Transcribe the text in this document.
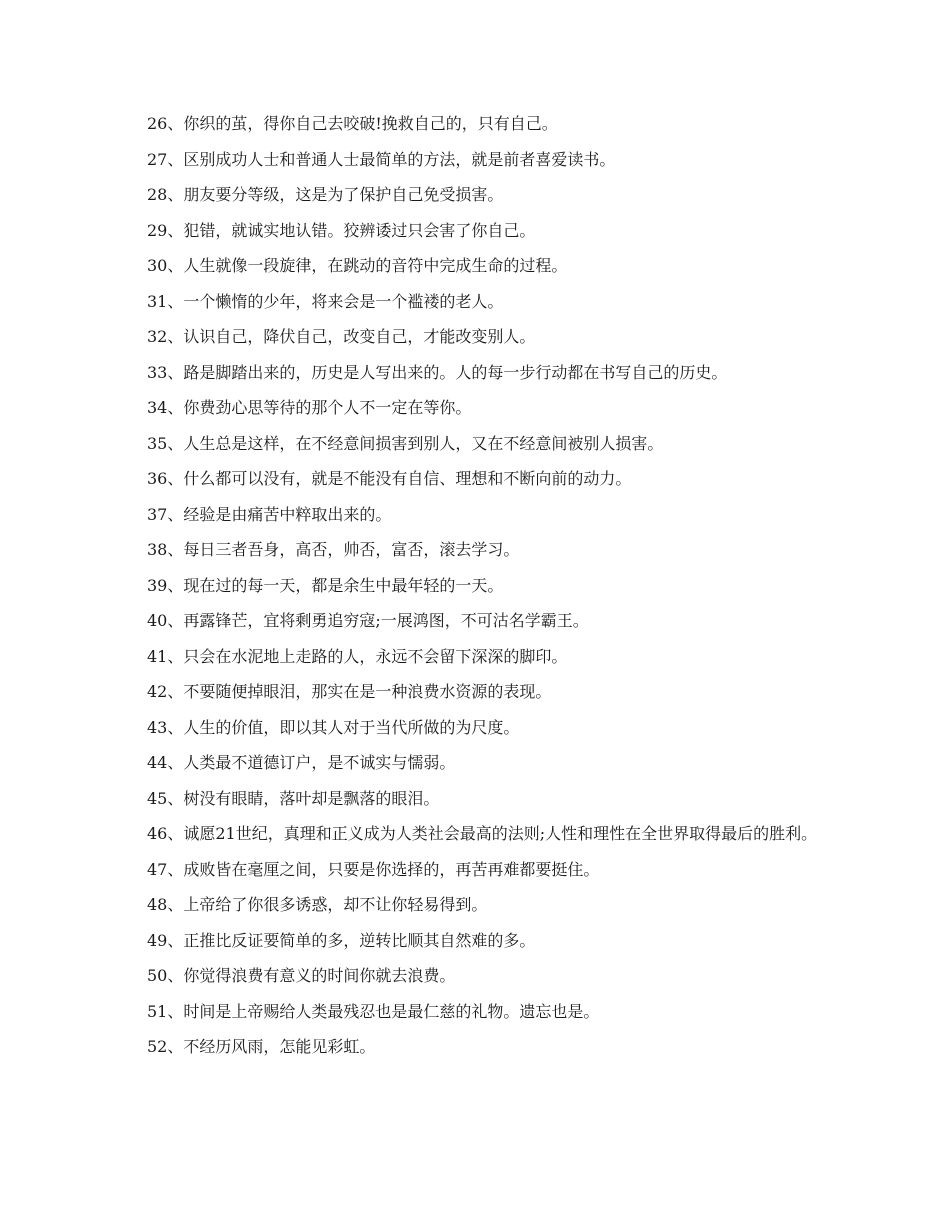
26、你织的茧，得你自己去咬破!挽救自己的，只有自己。

27、区别成功人士和普通人士最简单的方法，就是前者喜爱读书。

28、朋友要分等级，这是为了保护自己免受损害。

29、犯错，就诚实地认错。狡辨诿过只会害了你自己。

30、人生就像一段旋律，在跳动的音符中完成生命的过程。

31、一个懒惰的少年，将来会是一个褴褛的老人。

32、认识自己，降伏自己，改变自己，才能改变别人。

33、路是脚踏出来的，历史是人写出来的。人的每一步行动都在书写自己的历史。

34、你费劲心思等待的那个人不一定在等你。

35、人生总是这样，在不经意间损害到别人，又在不经意间被别人损害。

36、什么都可以没有，就是不能没有自信、理想和不断向前的动力。

37、经验是由痛苦中粹取出来的。

38、每日三者吾身，高否，帅否，富否，滚去学习。

39、现在过的每一天，都是余生中最年轻的一天。

40、再露锋芒，宜将剩勇追穷寇;一展鸿图，不可沽名学霸王。

41、只会在水泥地上走路的人，永远不会留下深深的脚印。

42、不要随便掉眼泪，那实在是一种浪费水资源的表现。

43、人生的价值，即以其人对于当代所做的为尺度。

44、人类最不道德订户，是不诚实与懦弱。

45、树没有眼睛，落叶却是飘落的眼泪。

46、诚愿21世纪，真理和正义成为人类社会最高的法则;人性和理性在全世界取得最后的胜利。

47、成败皆在毫厘之间，只要是你选择的，再苦再难都要挺住。

48、上帝给了你很多诱惑，却不让你轻易得到。

49、正推比反证要简单的多，逆转比顺其自然难的多。

50、你觉得浪费有意义的时间你就去浪费。

51、时间是上帝赐给人类最残忍也是最仁慈的礼物。遗忘也是。

52、不经历风雨，怎能见彩虹。
